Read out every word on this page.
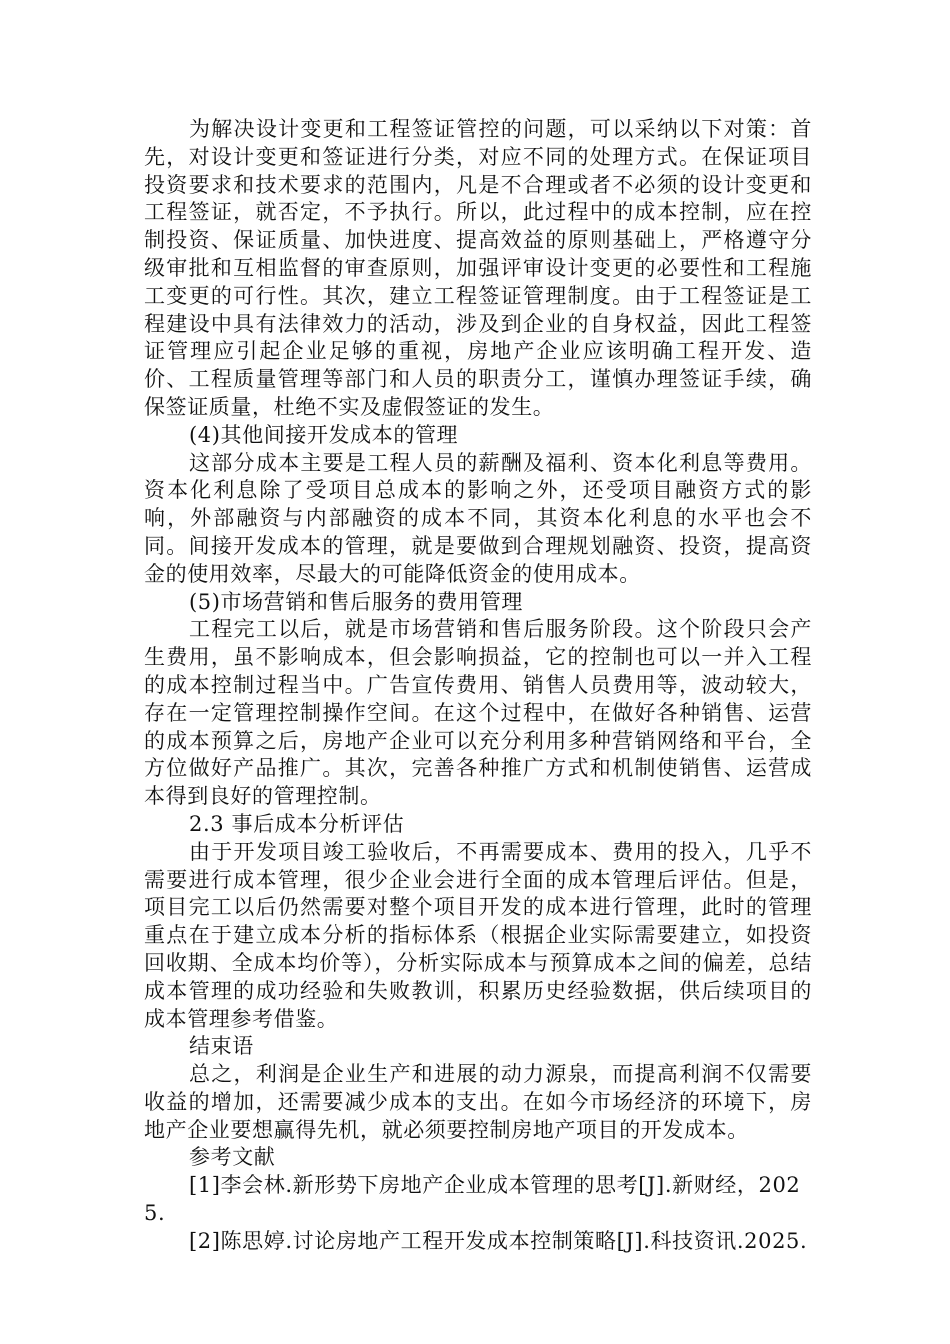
为解决设计变更和工程签证管控的问题，可以采纳以下对策：首先，对设计变更和签证进行分类，对应不同的处理方式。在保证项目投资要求和技术要求的范围内，凡是不合理或者不必须的设计变更和工程签证，就否定，不予执行。所以，此过程中的成本控制，应在控制投资、保证质量、加快进度、提高效益的原则基础上，严格遵守分级审批和互相监督的审查原则，加强评审设计变更的必要性和工程施工变更的可行性。其次，建立工程签证管理制度。由于工程签证是工程建设中具有法律效力的活动，涉及到企业的自身权益，因此工程签证管理应引起企业足够的重视，房地产企业应该明确工程开发、造价、工程质量管理等部门和人员的职责分工，谨慎办理签证手续，确保签证质量，杜绝不实及虚假签证的发生。

(4)其他间接开发成本的管理

这部分成本主要是工程人员的薪酬及福利、资本化利息等费用。资本化利息除了受项目总成本的影响之外，还受项目融资方式的影响，外部融资与内部融资的成本不同，其资本化利息的水平也会不同。间接开发成本的管理，就是要做到合理规划融资、投资，提高资金的使用效率，尽最大的可能降低资金的使用成本。

(5)市场营销和售后服务的费用管理

工程完工以后，就是市场营销和售后服务阶段。这个阶段只会产生费用，虽不影响成本，但会影响损益，它的控制也可以一并入工程的成本控制过程当中。广告宣传费用、销售人员费用等，波动较大，存在一定管理控制操作空间。在这个过程中，在做好各种销售、运营的成本预算之后，房地产企业可以充分利用多种营销网络和平台，全方位做好产品推广。其次，完善各种推广方式和机制使销售、运营成本得到良好的管理控制。

2.3 事后成本分析评估

由于开发项目竣工验收后，不再需要成本、费用的投入，几乎不需要进行成本管理，很少企业会进行全面的成本管理后评估。但是，项目完工以后仍然需要对整个项目开发的成本进行管理，此时的管理重点在于建立成本分析的指标体系（根据企业实际需要建立，如投资回收期、全成本均价等），分析实际成本与预算成本之间的偏差，总结成本管理的成功经验和失败教训，积累历史经验数据，供后续项目的成本管理参考借鉴。

结束语

总之，利润是企业生产和进展的动力源泉，而提高利润不仅需要收益的增加，还需要减少成本的支出。在如今市场经济的环境下，房地产企业要想赢得先机，就必须要控制房地产项目的开发成本。

参考文献

[1]李会林.新形势下房地产企业成本管理的思考[J].新财经，2025.

[2]陈思婷.讨论房地产工程开发成本控制策略[J].科技资讯.2025.
